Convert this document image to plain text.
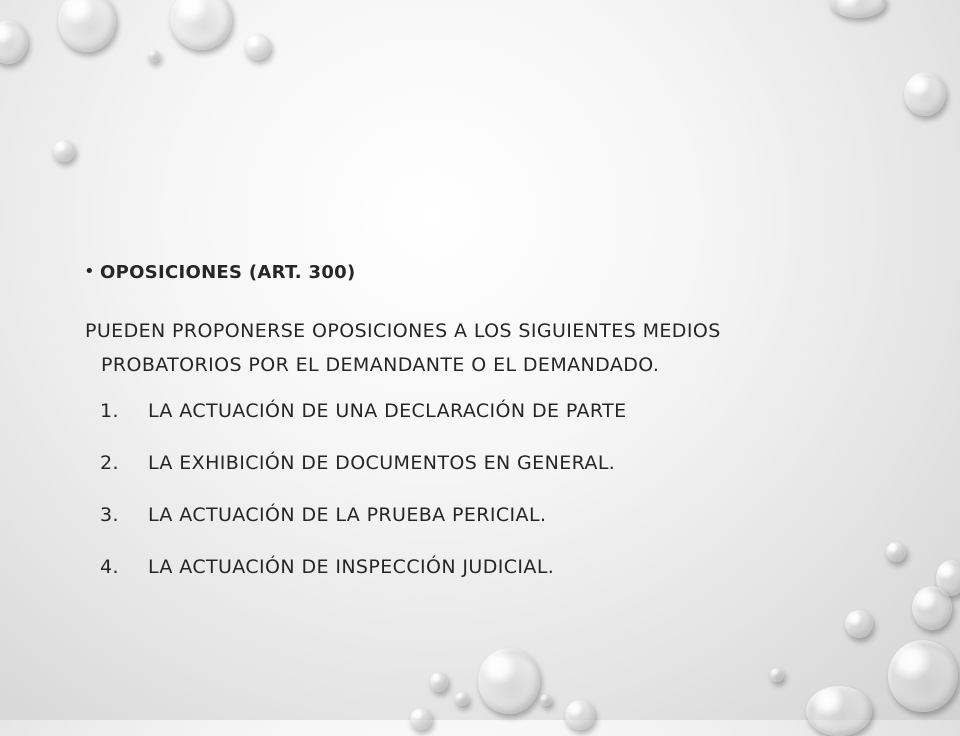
• OPOSICIONES (ART. 300)
PUEDEN PROPONERSE OPOSICIONES A LOS SIGUIENTES MEDIOS PROBATORIOS POR EL DEMANDANTE O EL DEMANDADO.
1.	LA ACTUACIÓN DE UNA DECLARACIÓN DE PARTE
2.	LA EXHIBICIÓN DE DOCUMENTOS EN GENERAL.
3.	LA ACTUACIÓN DE LA PRUEBA PERICIAL.
4.	LA ACTUACIÓN DE INSPECCIÓN JUDICIAL.
